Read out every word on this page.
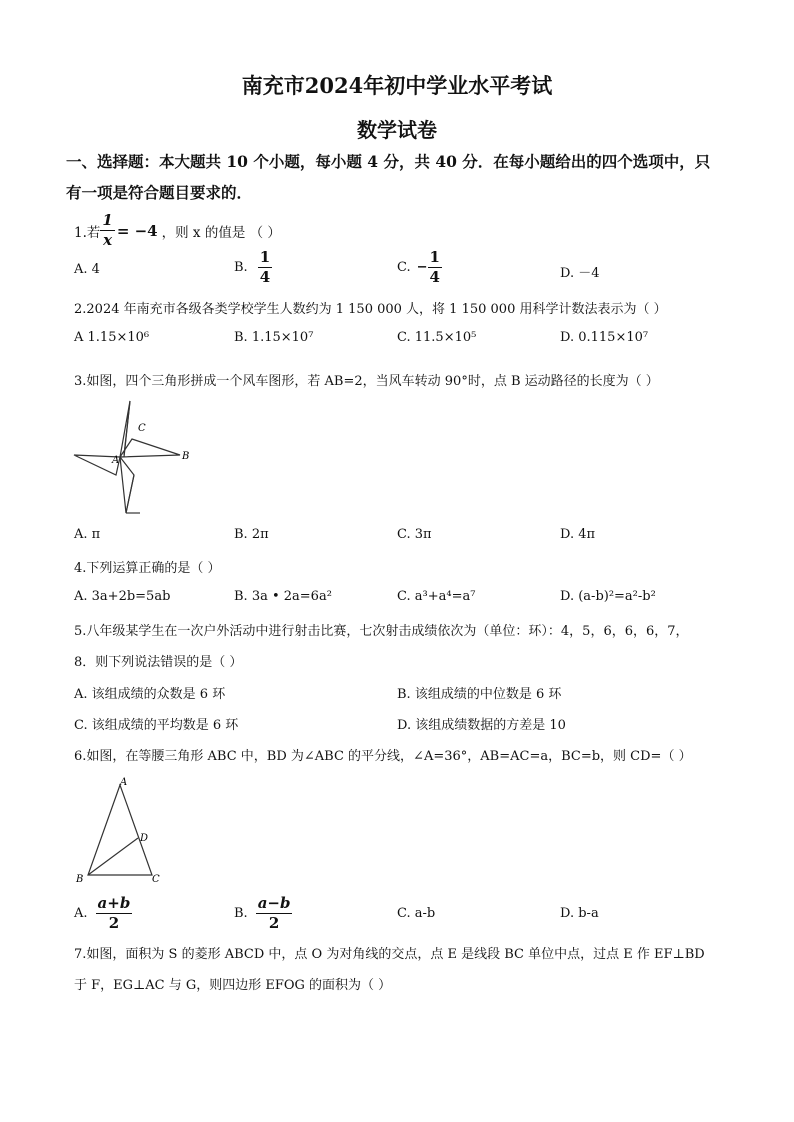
南充市2024年初中学业水平考试
数学试卷
一、选择题：本大题共 10 个小题，每小题 4 分，共 40 分．在每小题给出的四个选项中，只
有一项是符合题目要求的．
1.若 $\frac{1}{x} = -4$ ，则 x 的值是 （ ）
A. 4	B. $\frac{1}{4}$	C. − $\frac{1}{4}$	D. －4
2.2024 年南充市各级各类学校学生人数约为 1 150 000 人，将 1 150 000 用科学计数法表示为（ ）
A 1.15×10⁶	B. 1.15×10⁷	C. 11.5×10⁵	D. 0.115×10⁷
3.如图，四个三角形拼成一个风车图形，若 AB=2，当风车转动 90°时，点 B 运动路径的长度为（ ）
C
A	B
A. π	B. 2π	C. 3π	D. 4π
4.下列运算正确的是（ ）
A. 3a+2b=5ab	B. 3a • 2a=6a²	C. a³+a⁴=a⁷	D. (a-b)²=a²-b²
5.八年级某学生在一次户外活动中进行射击比赛，七次射击成绩依次为（单位：环）：4，5，6，6，6，7，
8．则下列说法错误的是（ ）
A. 该组成绩的众数是 6 环	B. 该组成绩的中位数是 6 环
C. 该组成绩的平均数是 6 环	D. 该组成绩数据的方差是 10
6.如图，在等腰三角形 ABC 中，BD 为∠ABC 的平分线，∠A=36°，AB=AC=a，BC=b，则 CD=（ ）
A
D
B	C
A. $\frac{a+b}{2}$	B. $\frac{a-b}{2}$	C. a-b	D. b-a
7.如图，面积为 S 的菱形 ABCD 中，点 O 为对角线的交点，点 E 是线段 BC 单位中点，过点 E 作 EF⊥BD
于 F，EG⊥AC 与 G，则四边形 EFOG 的面积为（ ）
